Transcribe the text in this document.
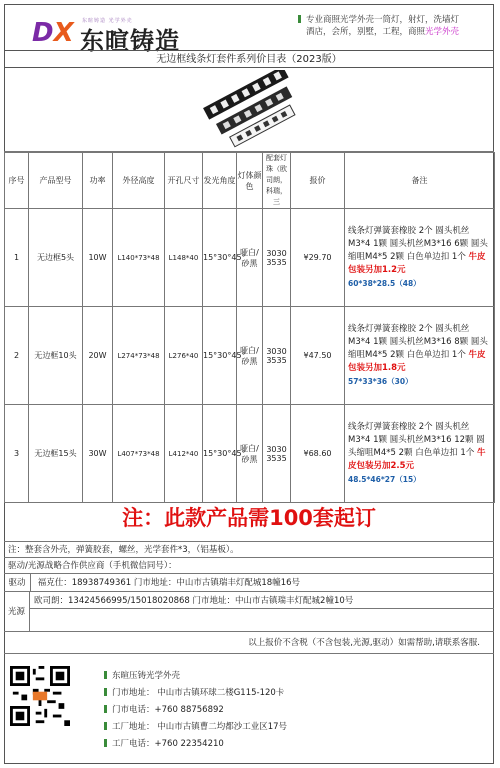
DX 东暄铸造 光学外壳
东暄铸造
专业商照光学外壳一筒灯，射灯，洗墙灯
酒店，会所，别墅，工程，商照光学外壳
无边框线条灯套件系列价目表（2023版）
序号	产品型号	功率	外径高度	开孔尺寸	发光角度	灯体颜色	配套灯珠（欧司朗，科瑞，三	报价	备注
1	无边框5头	10W	L140*73*48	L148*40	15°30°45°	哑白/砂黑	3030 3535	¥29.70	线条灯弹簧套橡胶 2个 圆头机丝M3*4 1颗 圆头机丝M3*16 6颗 圆头缩咀M4*5 2颗 白色单边扣 1个 牛皮包装另加1.2元
60*38*28.5（48）
2	无边框10头	20W	L274*73*48	L276*40	15°30°45°	哑白/砂黑	3030 3535	¥47.50	线条灯弹簧套橡胶 2个 圆头机丝M3*4 1颗 圆头机丝M3*16 8颗 圆头缩咀M4*5 2颗 白色单边扣 1个 牛皮包装另加1.8元
57*33*36（30）
3	无边框15头	30W	L407*73*48	L412*40	15°30°45°	哑白/砂黑	3030 3535	¥68.60	线条灯弹簧套橡胶 2个 圆头机丝M3*4 1颗 圆头机丝M3*16 12颗 圆头缩咀M4*5 2颗 白色单边扣 1个 牛皮包装另加2.5元
48.5*46*27（15）
注：此款产品需100套起订
注：整套含外壳，弹簧胶套，螺丝，光学套件*3，（铝基板）。
驱动/光源战略合作供应商（手机微信同号）：
驱动 福克仕：18938749361 门市地址：中山市古镇瑞丰灯配城18幢16号
光源
欧司朗：13424566995/15018020868 门市地址：中山市古镇瑞丰灯配城2幢10号
以上报价不含税（不含包装,光源,驱动）如需帮助,请联系客服.
东暄压铸光学外壳
门市地址： 中山市古镇环球二楼G115-120卡
门市电话：+760 88756892
工厂地址： 中山市古镇曹二均都沙工业区17号
工厂电话：+760 22354210
